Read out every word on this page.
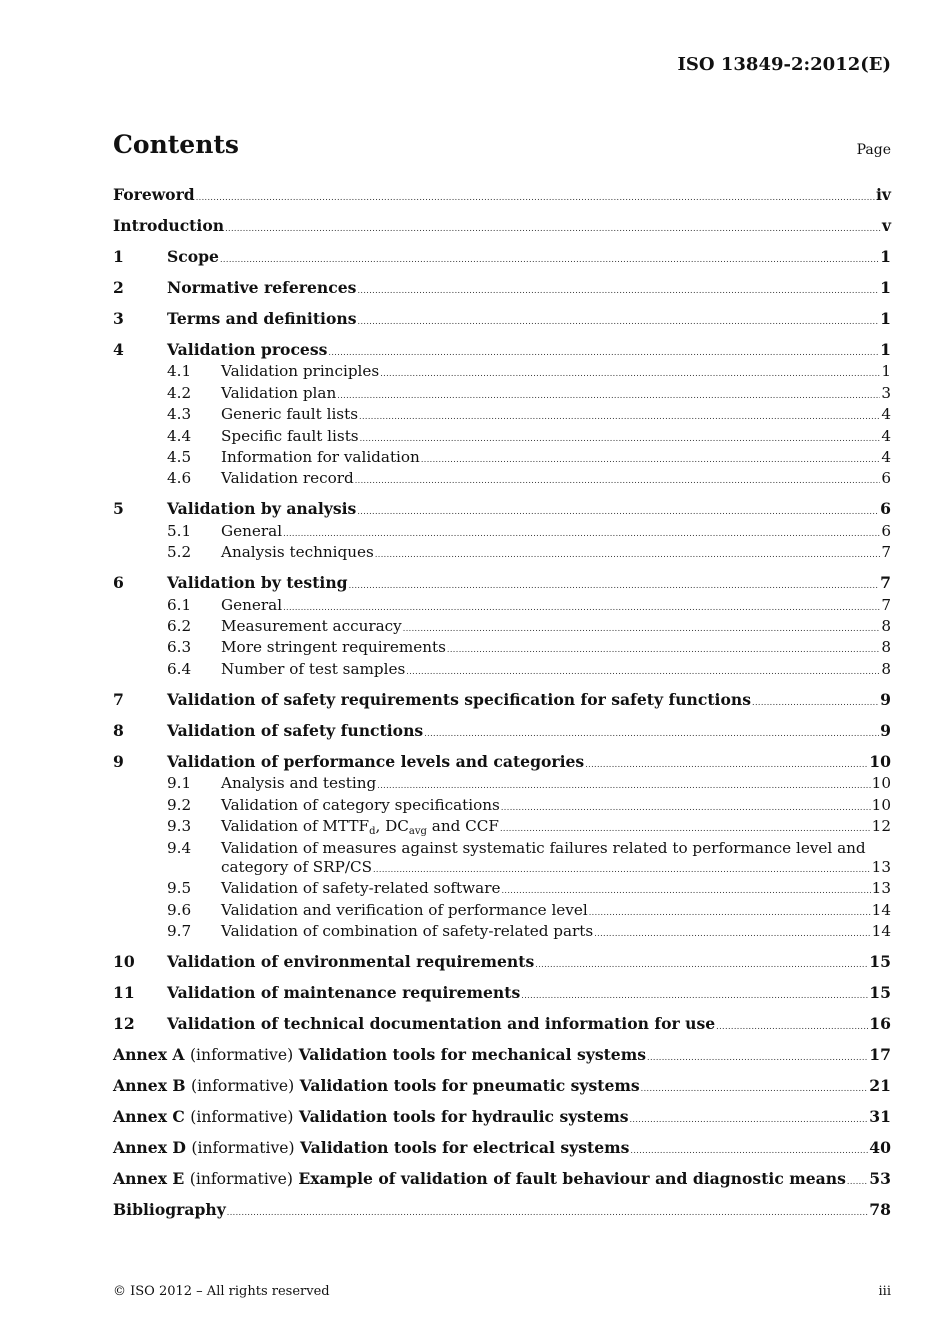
ISO 13849-2:2012(E)
Contents	Page
Foreword .....	iv
Introduction .....	v
1	Scope .....	1
2	Normative references .....	1
3	Terms and definitions .....	1
4	Validation process .....	1
4.1	Validation principles .....	1
4.2	Validation plan .....	3
4.3	Generic fault lists .....	4
4.4	Specific fault lists .....	4
4.5	Information for validation .....	4
4.6	Validation record .....	6
5	Validation by analysis .....	6
5.1	General .....	6
5.2	Analysis techniques .....	7
6	Validation by testing .....	7
6.1	General .....	7
6.2	Measurement accuracy .....	8
6.3	More stringent requirements .....	8
6.4	Number of test samples .....	8
7	Validation of safety requirements specification for safety functions .....	9
8	Validation of safety functions .....	9
9	Validation of performance levels and categories .....	10
9.1	Analysis and testing .....	10
9.2	Validation of category specifications .....	10
9.3	Validation of $MTTF_d$, $DC_{avg}$ and CCF .....	12
9.4	Validation of measures against systematic failures related to performance level and
category of SRP/CS .....	13
9.5	Validation of safety-related software .....	13
9.6	Validation and verification of performance level .....	14
9.7	Validation of combination of safety-related parts .....	14
10	Validation of environmental requirements .....	15
11	Validation of maintenance requirements .....	15
12	Validation of technical documentation and information for use .....	16
Annex A (informative) Validation tools for mechanical systems .....	17
Annex B (informative) Validation tools for pneumatic systems .....	21
Annex C (informative) Validation tools for hydraulic systems .....	31
Annex D (informative) Validation tools for electrical systems .....	40
Annex E (informative) Example of validation of fault behaviour and diagnostic means ..... 53
Bibliography .....	78
© ISO 2012 – All rights reserved	iii
